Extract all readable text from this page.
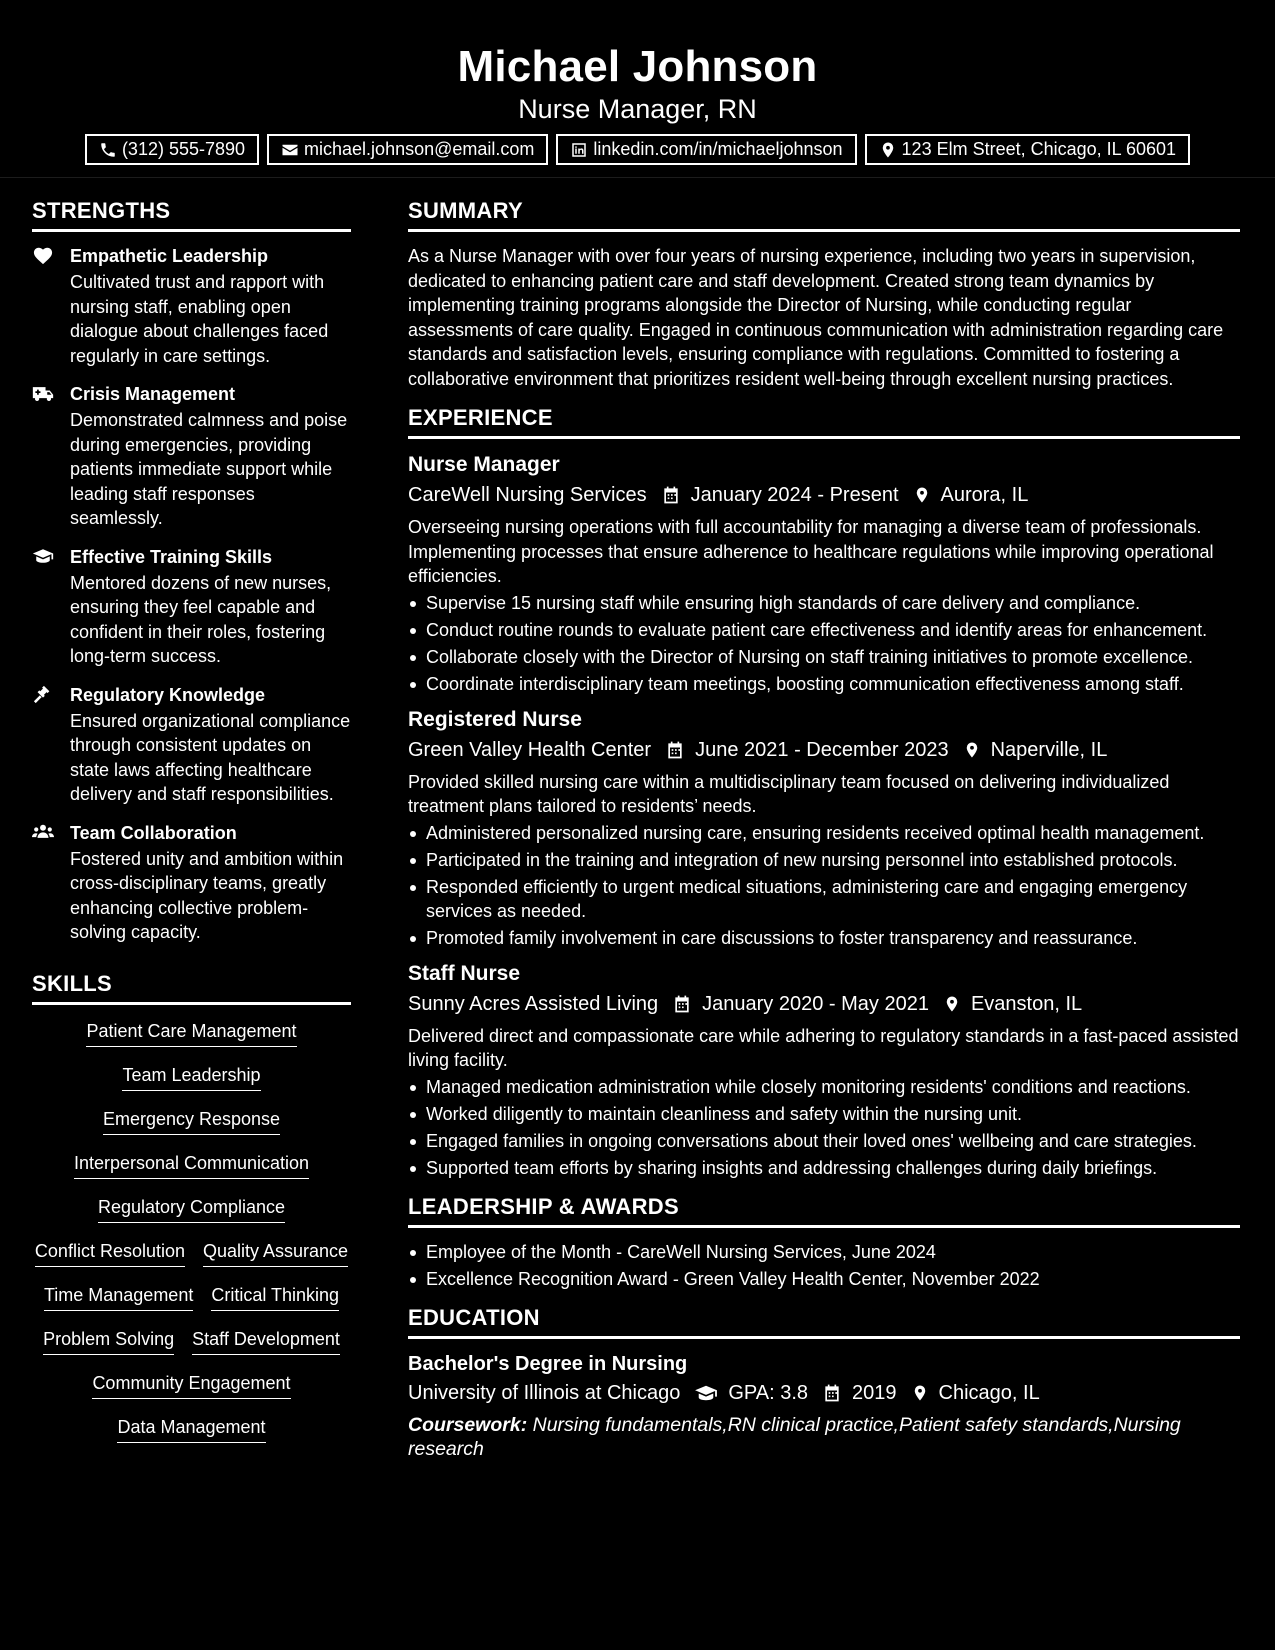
Michael Johnson
Nurse Manager, RN
(312) 555-7890	michael.johnson@email.com	linkedin.com/in/michaeljohnson	123 Elm Street, Chicago, IL 60601
STRENGTHS
Empathetic Leadership
Cultivated trust and rapport with nursing staff, enabling open dialogue about challenges faced regularly in care settings.
Crisis Management
Demonstrated calmness and poise during emergencies, providing patients immediate support while leading staff responses seamlessly.
Effective Training Skills
Mentored dozens of new nurses, ensuring they feel capable and confident in their roles, fostering long-term success.
Regulatory Knowledge
Ensured organizational compliance through consistent updates on state laws affecting healthcare delivery and staff responsibilities.
Team Collaboration
Fostered unity and ambition within cross-disciplinary teams, greatly enhancing collective problem-solving capacity.
SKILLS
Patient Care Management
Team Leadership
Emergency Response
Interpersonal Communication
Regulatory Compliance
Conflict Resolution Quality Assurance
Time Management Critical Thinking
Problem Solving Staff Development
Community Engagement
Data Management
SUMMARY
As a Nurse Manager with over four years of nursing experience, including two years in supervision, dedicated to enhancing patient care and staff development. Created strong team dynamics by implementing training programs alongside the Director of Nursing, while conducting regular assessments of care quality. Engaged in continuous communication with administration regarding care standards and satisfaction levels, ensuring compliance with regulations. Committed to fostering a collaborative environment that prioritizes resident well-being through excellent nursing practices.
EXPERIENCE
Nurse Manager
CareWell Nursing Services January 2024 - Present Aurora, IL
Overseeing nursing operations with full accountability for managing a diverse team of professionals. Implementing processes that ensure adherence to healthcare regulations while improving operational efficiencies.
Supervise 15 nursing staff while ensuring high standards of care delivery and compliance.
Conduct routine rounds to evaluate patient care effectiveness and identify areas for enhancement.
Collaborate closely with the Director of Nursing on staff training initiatives to promote excellence.
Coordinate interdisciplinary team meetings, boosting communication effectiveness among staff.
Registered Nurse
Green Valley Health Center June 2021 - December 2023 Naperville, IL
Provided skilled nursing care within a multidisciplinary team focused on delivering individualized treatment plans tailored to residents’ needs.
Administered personalized nursing care, ensuring residents received optimal health management.
Participated in the training and integration of new nursing personnel into established protocols.
Responded efficiently to urgent medical situations, administering care and engaging emergency services as needed.
Promoted family involvement in care discussions to foster transparency and reassurance.
Staff Nurse
Sunny Acres Assisted Living January 2020 - May 2021 Evanston, IL
Delivered direct and compassionate care while adhering to regulatory standards in a fast-paced assisted living facility.
Managed medication administration while closely monitoring residents' conditions and reactions.
Worked diligently to maintain cleanliness and safety within the nursing unit.
Engaged families in ongoing conversations about their loved ones' wellbeing and care strategies.
Supported team efforts by sharing insights and addressing challenges during daily briefings.
LEADERSHIP & AWARDS
Employee of the Month - CareWell Nursing Services, June 2024
Excellence Recognition Award - Green Valley Health Center, November 2022
EDUCATION
Bachelor's Degree in Nursing
University of Illinois at Chicago GPA: 3.8 2019 Chicago, IL
Coursework: Nursing fundamentals,RN clinical practice,Patient safety standards,Nursing research
